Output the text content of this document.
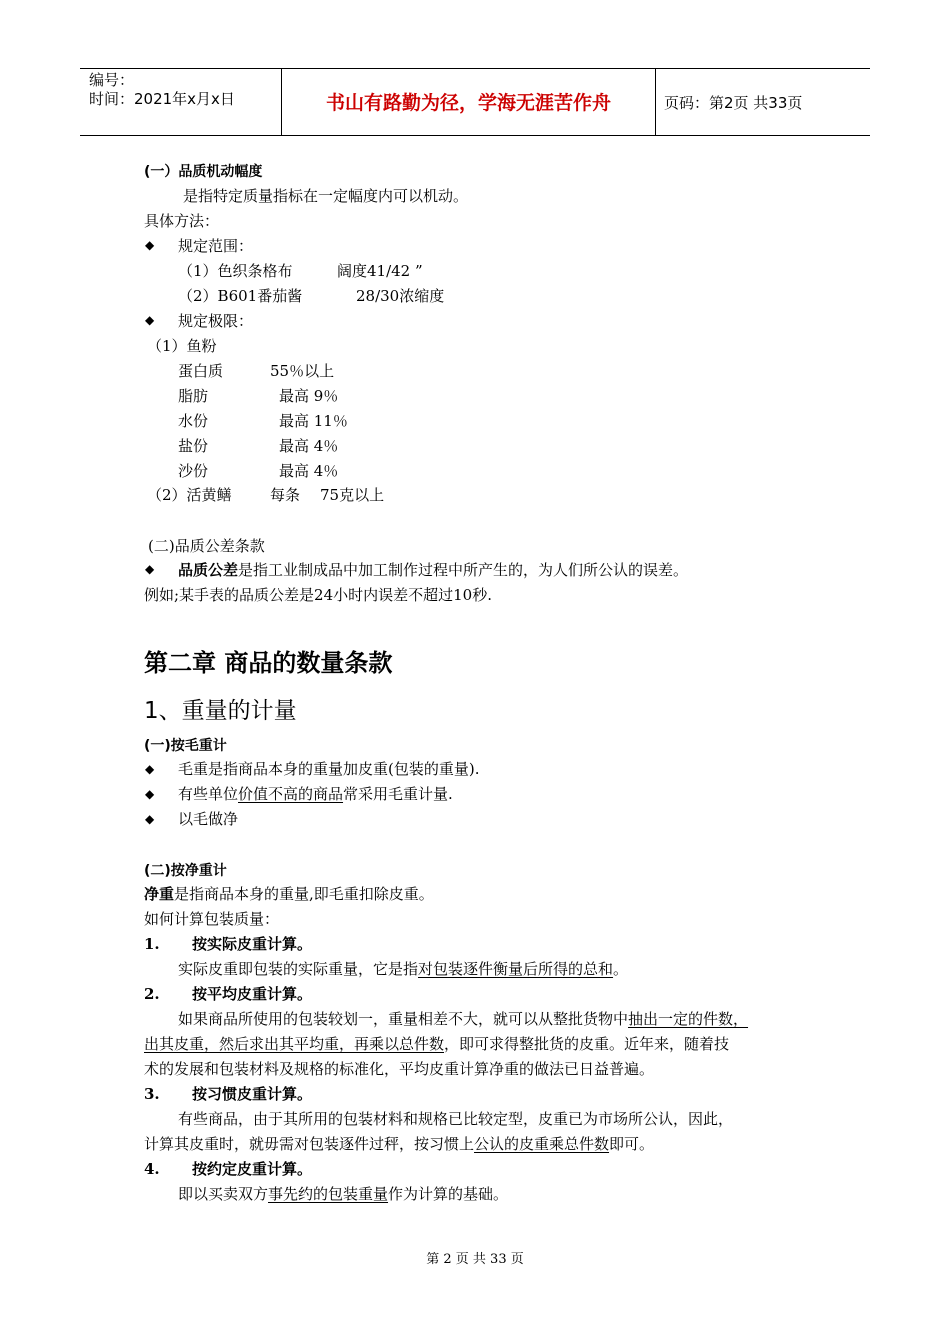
编号：
时间：2021年x月x日	书山有路勤为径，学海无涯苦作舟	页码：第2页 共33页
(一）品质机动幅度
是指特定质量指标在一定幅度内可以机动。
具体方法：
◆ 规定范围：
（1）色织条格布	阔度41/42 ”
（2）B601番茄酱	28/30浓缩度
◆ 规定极限：
（1）鱼粉
蛋白质	55％以上
脂肪	最高 9％
水份	最高 11％
盐份	最高 4％
沙份	最高 4％
（2）活黄鳝	每条 75克以上
(二)品质公差条款
◆ 品质公差是指工业制成品中加工制作过程中所产生的，为人们所公认的误差。
例如;某手表的品质公差是24小时内误差不超过10秒.
第二章 商品的数量条款
1、重量的计量
(一)按毛重计
◆ 毛重是指商品本身的重量加皮重(包装的重量).
◆ 有些单位价值不高的商品常采用毛重计量.
◆ 以毛做净
(二)按净重计
净重是指商品本身的重量,即毛重扣除皮重。
如何计算包装质量：
1. 按实际皮重计算。
实际皮重即包装的实际重量，它是指对包装逐件衡量后所得的总和。
2. 按平均皮重计算。
如果商品所使用的包装较划一，重量相差不大，就可以从整批货物中抽出一定的件数，
出其皮重，然后求出其平均重，再乘以总件数，即可求得整批货的皮重。近年来，随着技
术的发展和包装材料及规格的标准化，平均皮重计算净重的做法已日益普遍。
3. 按习惯皮重计算。
有些商品，由于其所用的包装材料和规格已比较定型，皮重已为市场所公认，因此，
计算其皮重时，就毋需对包装逐件过秤，按习惯上公认的皮重乘总件数即可。
4. 按约定皮重计算。
即以买卖双方事先约的包装重量作为计算的基础。
第 2 页 共 33 页
